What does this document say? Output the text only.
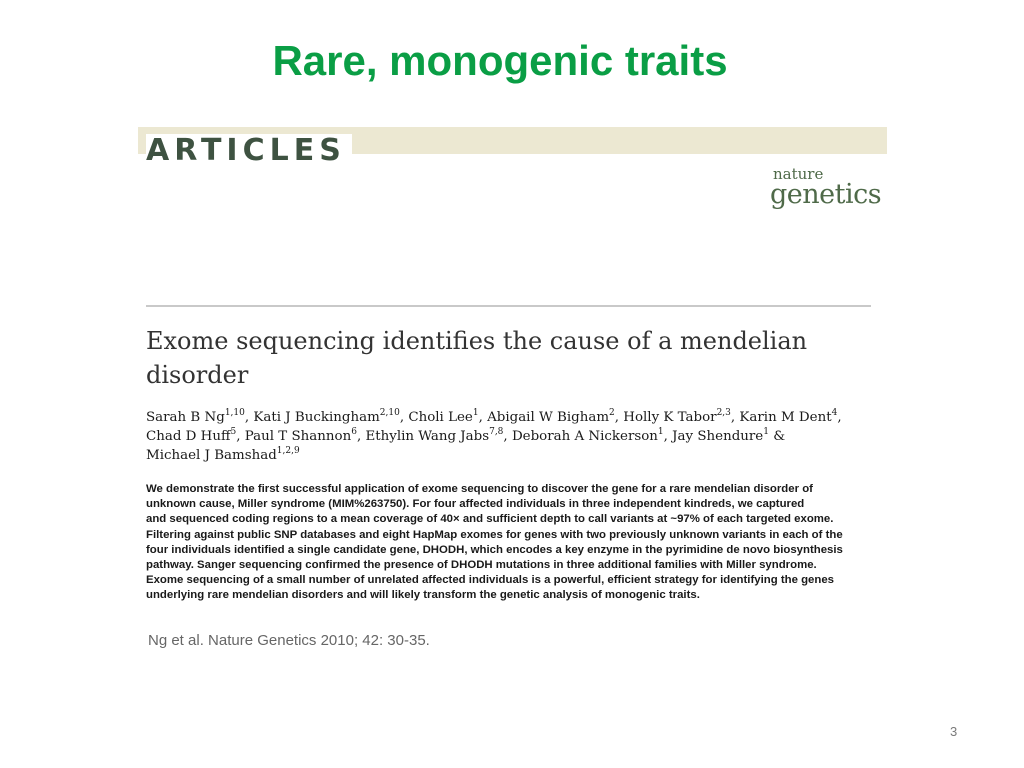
Rare, monogenic traits
ARTICLES
nature
genetics
Exome sequencing identifies the cause of a mendelian disorder
Sarah B Ng$^{1,10}$, Kati J Buckingham$^{2,10}$, Choli Lee$^1$, Abigail W Bigham$^2$, Holly K Tabor$^{2,3}$, Karin M Dent$^4$,
Chad D Huff$^5$, Paul T Shannon$^6$, Ethylin Wang Jabs$^{7,8}$, Deborah A Nickerson$^1$, Jay Shendure$^1$ &
Michael J Bamshad$^{1,2,9}$
We demonstrate the first successful application of exome sequencing to discover the gene for a rare mendelian disorder of
unknown cause, Miller syndrome (MIM%263750). For four affected individuals in three independent kindreds, we captured
and sequenced coding regions to a mean coverage of 40× and sufficient depth to call variants at ~97% of each targeted exome.
Filtering against public SNP databases and eight HapMap exomes for genes with two previously unknown variants in each of the
four individuals identified a single candidate gene, DHODH, which encodes a key enzyme in the pyrimidine de novo biosynthesis
pathway. Sanger sequencing confirmed the presence of DHODH mutations in three additional families with Miller syndrome.
Exome sequencing of a small number of unrelated affected individuals is a powerful, efficient strategy for identifying the genes
underlying rare mendelian disorders and will likely transform the genetic analysis of monogenic traits.
Ng et al. Nature Genetics 2010; 42: 30-35.
3
